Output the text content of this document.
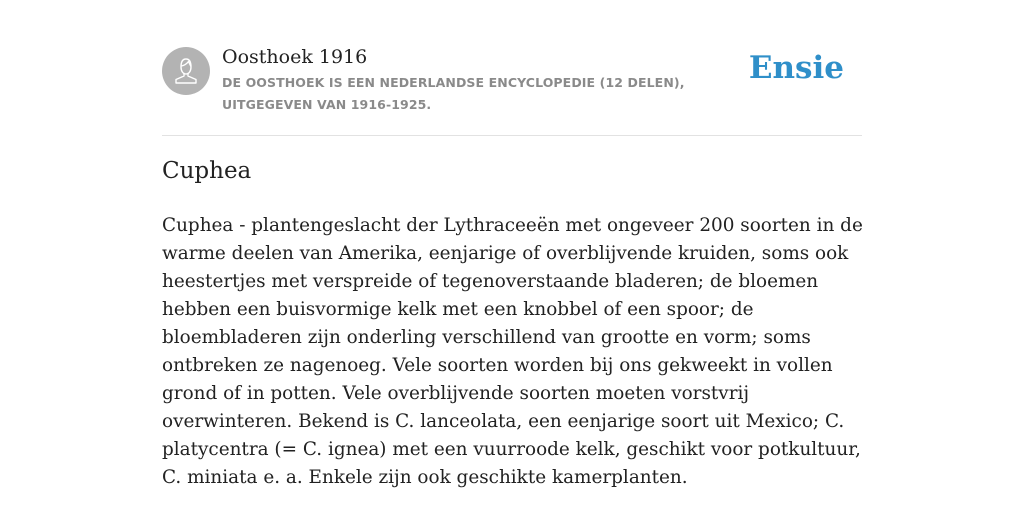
Oosthoek 1916
DE OOSTHOEK IS EEN NEDERLANDSE ENCYCLOPEDIE (12 DELEN), UITGEGEVEN VAN 1916-1925.
Ensie
Cuphea

Cuphea - plantengeslacht der Lythraceeën met ongeveer 200 soorten in de warme deelen van Amerika, eenjarige of overblijvende kruiden, soms ook heestertjes met verspreide of tegenoverstaande bladeren; de bloemen hebben een buisvormige kelk met een knobbel of een spoor; de bloembladeren zijn onderling verschillend van grootte en vorm; soms ontbreken ze nagenoeg. Vele soorten worden bij ons gekweekt in vollen grond of in potten. Vele overblijvende soorten moeten vorstvrij overwinteren. Bekend is C. lanceolata, een eenjarige soort uit Mexico; C. platycentra (= C. ignea) met een vuurroode kelk, geschikt voor potkultuur, C. miniata e. a. Enkele zijn ook geschikte kamerplanten.
